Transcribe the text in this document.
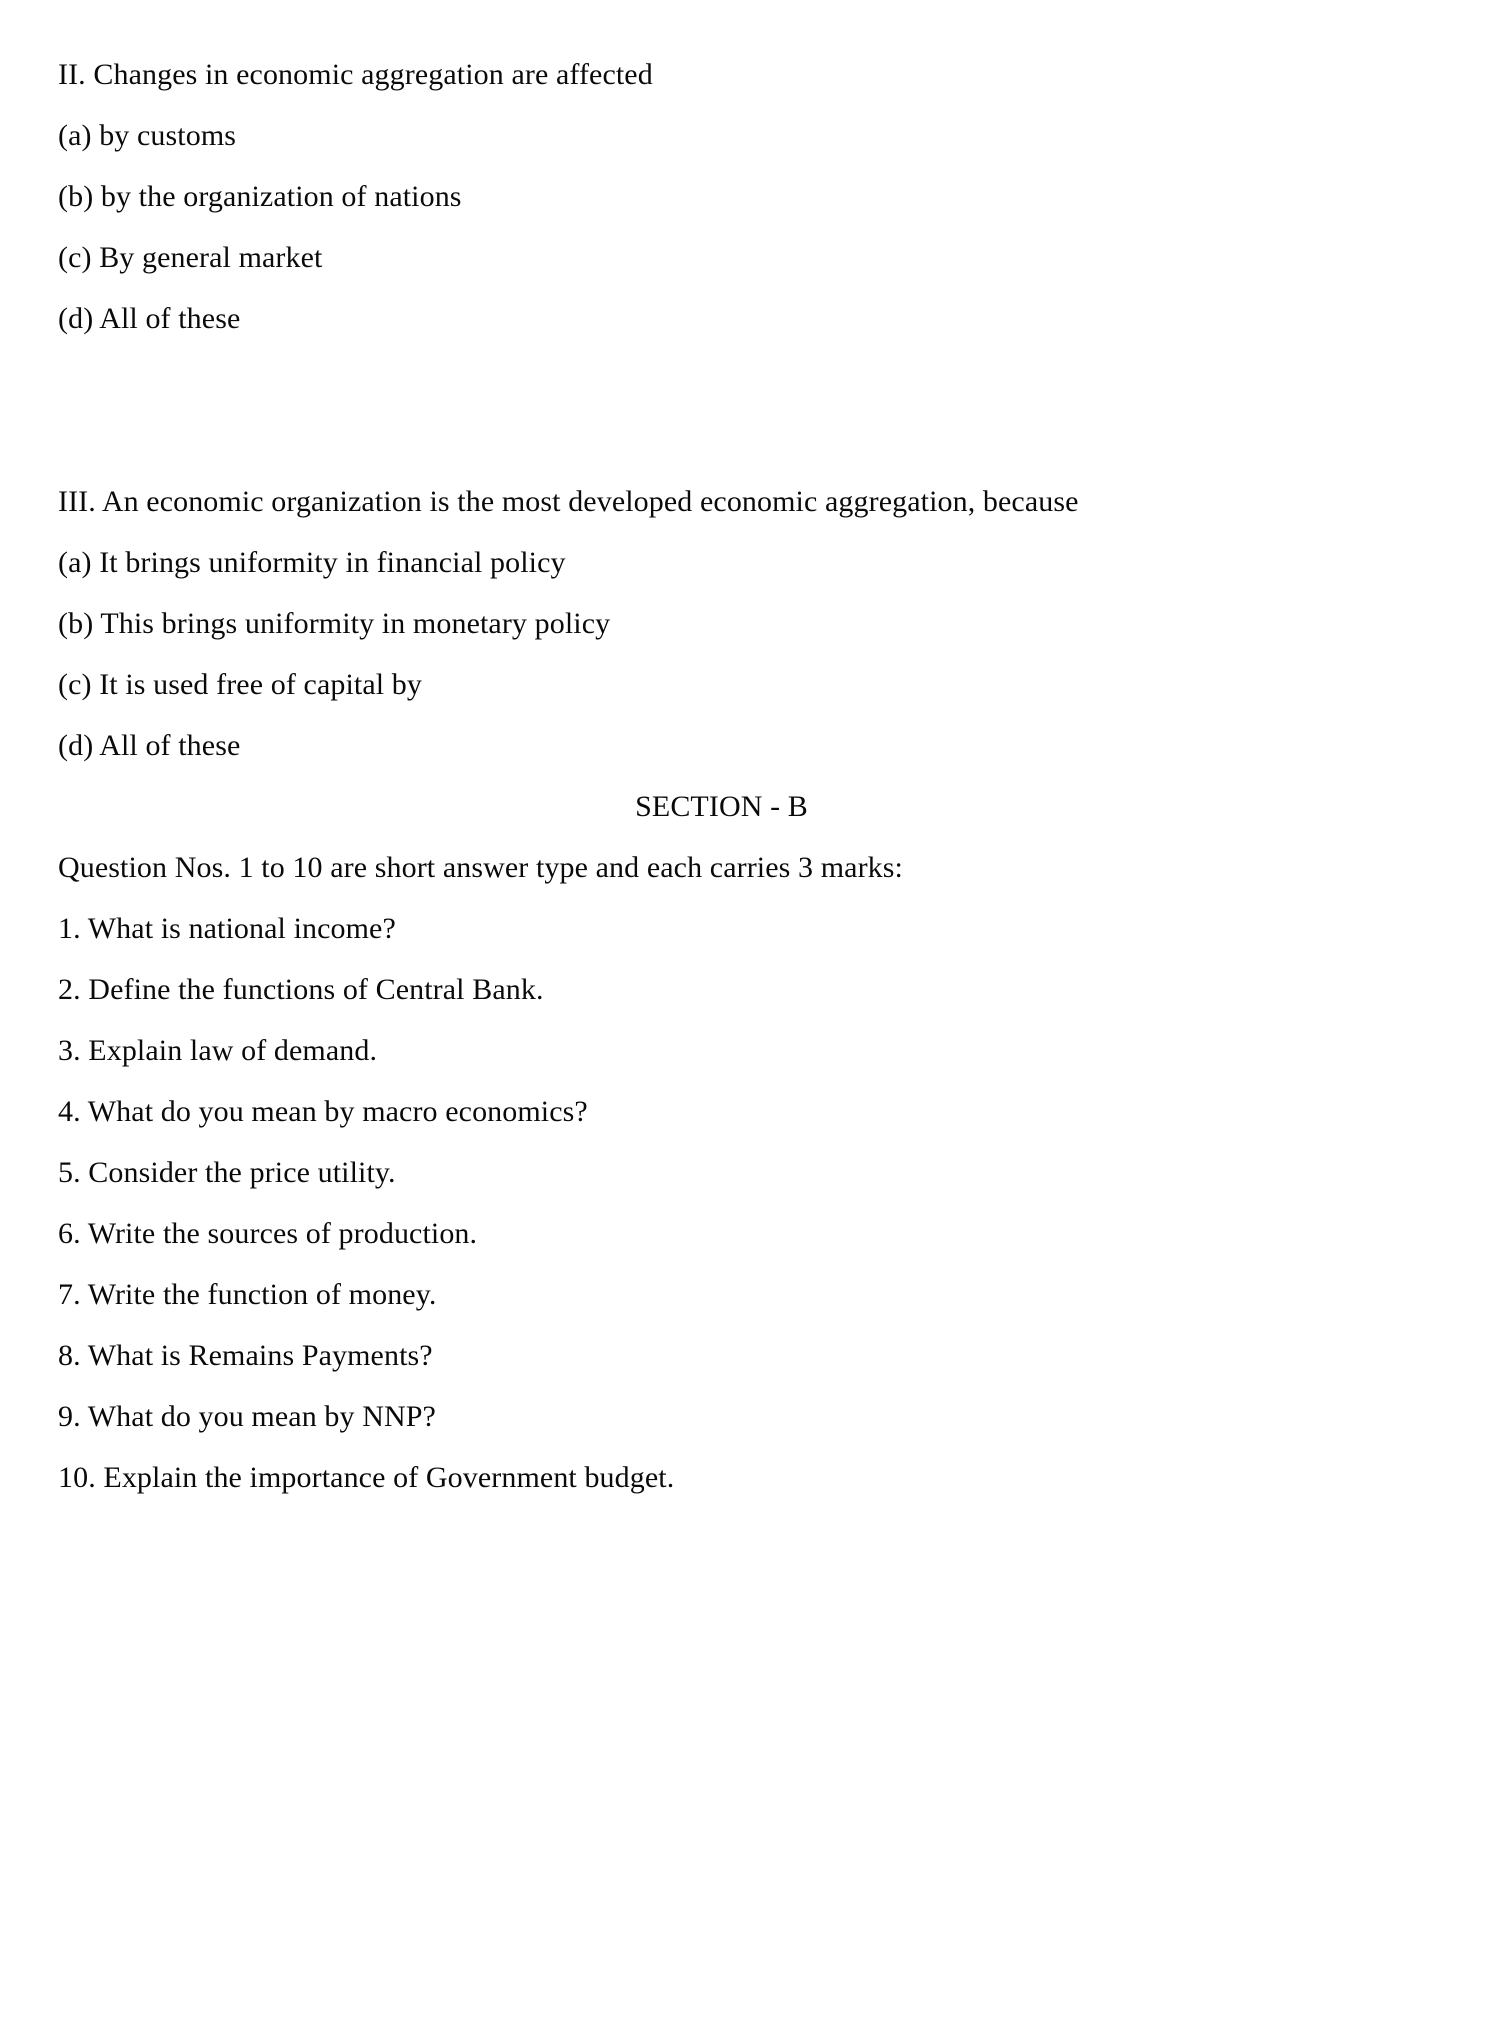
II. Changes in economic aggregation are affected
(a) by customs
(b) by the organization of nations
(c) By general market
(d) All of these
III. An economic organization is the most developed economic aggregation, because
(a) It brings uniformity in financial policy
(b) This brings uniformity in monetary policy
(c) It is used free of capital by
(d) All of these
SECTION - B
Question Nos. 1 to 10 are short answer type and each carries 3 marks:
1. What is national income?
2. Define the functions of Central Bank.
3. Explain law of demand.
4. What do you mean by macro economics?
5. Consider the price utility.
6. Write the sources of production.
7. Write the function of money.
8. What is Remains Payments?
9. What do you mean by NNP?
10. Explain the importance of Government budget.
